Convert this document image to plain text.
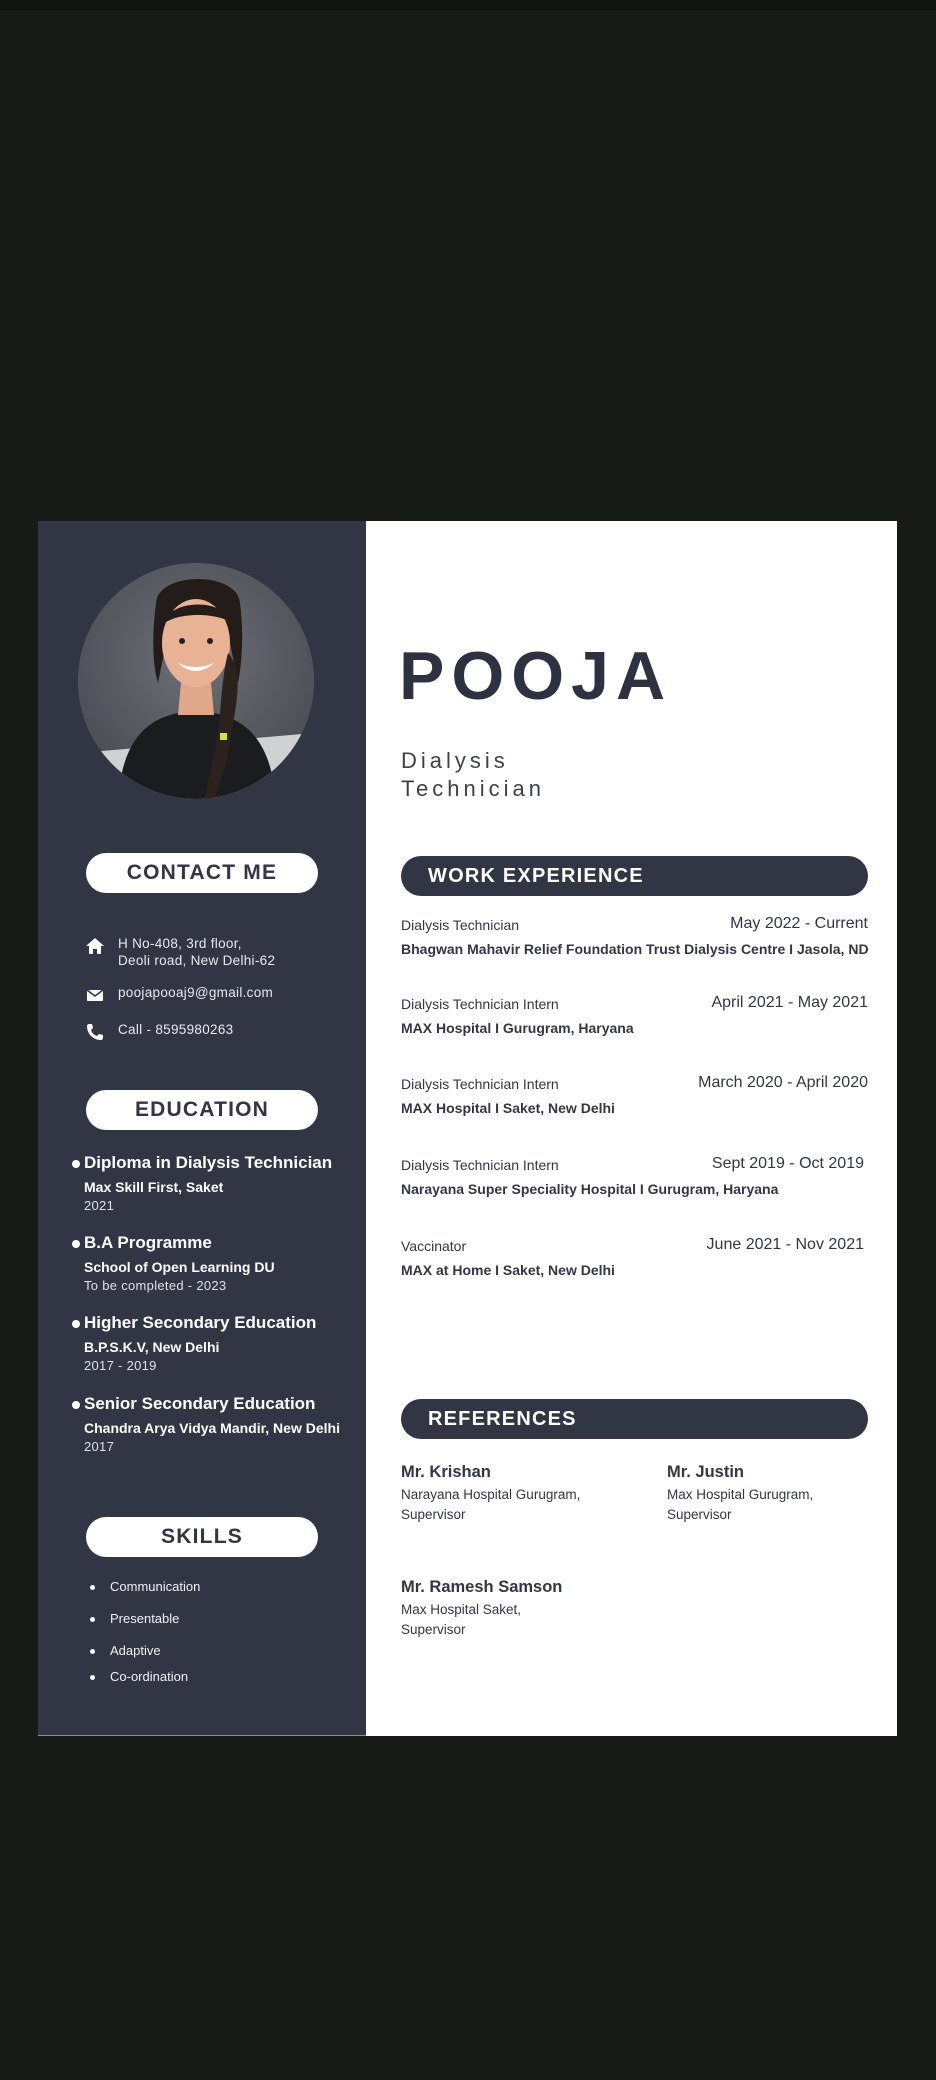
CONTACT ME
H No-408, 3rd floor,
Deoli road, New Delhi-62
poojapooaj9@gmail.com
Call - 8595980263
EDUCATION
Diploma in Dialysis Technician
Max Skill First, Saket
2021
B.A Programme
School of Open Learning DU
To be completed - 2023
Higher Secondary Education
B.P.S.K.V, New Delhi
2017 - 2019
Senior Secondary Education
Chandra Arya Vidya Mandir, New Delhi
2017
SKILLS
Communication
Presentable
Adaptive
Co-ordination
POOJA
Dialysis
Technician
WORK EXPERIENCE
Dialysis Technician	May 2022 - Current
Bhagwan Mahavir Relief Foundation Trust Dialysis Centre I Jasola, ND
Dialysis Technician Intern	April 2021 - May 2021
MAX Hospital I Gurugram, Haryana
Dialysis Technician Intern	March 2020 - April 2020
MAX Hospital I Saket, New Delhi
Dialysis Technician Intern	Sept 2019 - Oct 2019
Narayana Super Speciality Hospital I Gurugram, Haryana
Vaccinator	June 2021 - Nov 2021
MAX at Home I Saket, New Delhi
REFERENCES
Mr. Krishan
Narayana Hospital Gurugram,
Supervisor
Mr. Justin
Max Hospital Gurugram,
Supervisor
Mr. Ramesh Samson
Max Hospital Saket,
Supervisor
